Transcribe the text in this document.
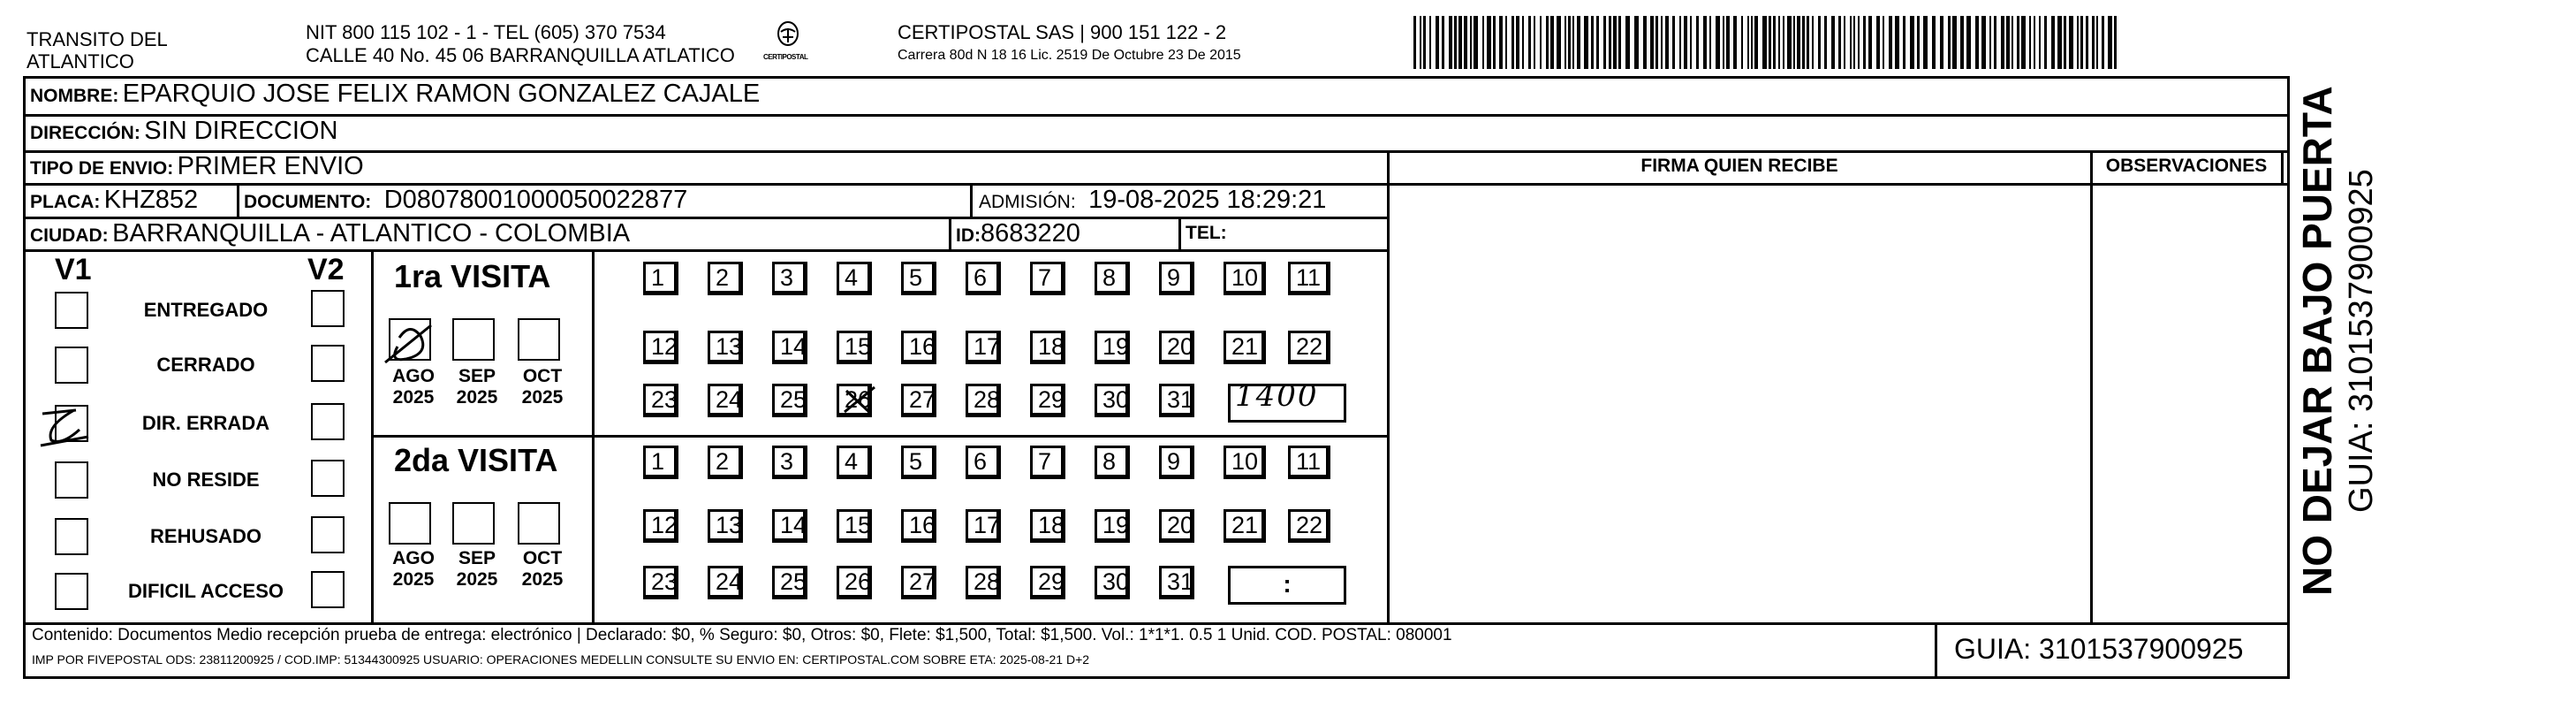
TRANSITO DEL
ATLANTICO
NIT 800 115 102 - 1 - TEL (605) 370 7534
CALLE 40 No. 45 06 BARRANQUILLA ATLATICO	CERTIPOSTAL
CERTIPOSTAL SAS | 900 151 122 - 2
Carrera 80d N 18 16 Lic. 2519 De Octubre 23 De 2015
NOMBRE: EPARQUIO JOSE FELIX RAMON GONZALEZ CAJALE
DIRECCIÓN: SIN DIRECCION
TIPO DE ENVIO: PRIMER ENVIO	FIRMA QUIEN RECIBE	OBSERVACIONES
PLACA: KHZ852 DOCUMENTO: D08078001000050022877	ADMISIÓN: 19-08-2025 18:29:21
CIUDAD: BARRANQUILLA - ATLANTICO - COLOMBIA	ID:8683220	TEL:
V1	V2
ENTREGADO
CERRADO
DIR. ERRADA
NO RESIDE
REHUSADO
DIFICIL ACCESO
1ra VISITA
2da VISITA
AGO
2025
SEP
2025
OCT
2025
AGO
2025
SEP
2025
OCT
2025
1	2	3	4	5	6	7	8	9	10	11
12	13	14	15	16	17	18	19	20	21	22
23	24	25	26	27	28	29	30	31
1	2	3	4	5	6	7	8	9	10	11
12	13	14	15	16	17	18	19	20	21	22
23	24	25	26	27	28	29	30	31	:
1400
Contenido: Documentos Medio recepción prueba de entrega: electrónico | Declarado: $0, % Seguro: $0, Otros: $0, Flete: $1,500, Total: $1,500. Vol.: 1*1*1. 0.5 1 Unid. COD. POSTAL: 080001
IMP POR FIVEPOSTAL ODS: 23811200925 / COD.IMP: 51344300925 USUARIO: OPERACIONES MEDELLIN CONSULTE SU ENVIO EN: CERTIPOSTAL.COM SOBRE ETA: 2025-08-21 D+2	GUIA: 3101537900925
NO DEJAR BAJO PUERTA GUIA: 3101537900925
